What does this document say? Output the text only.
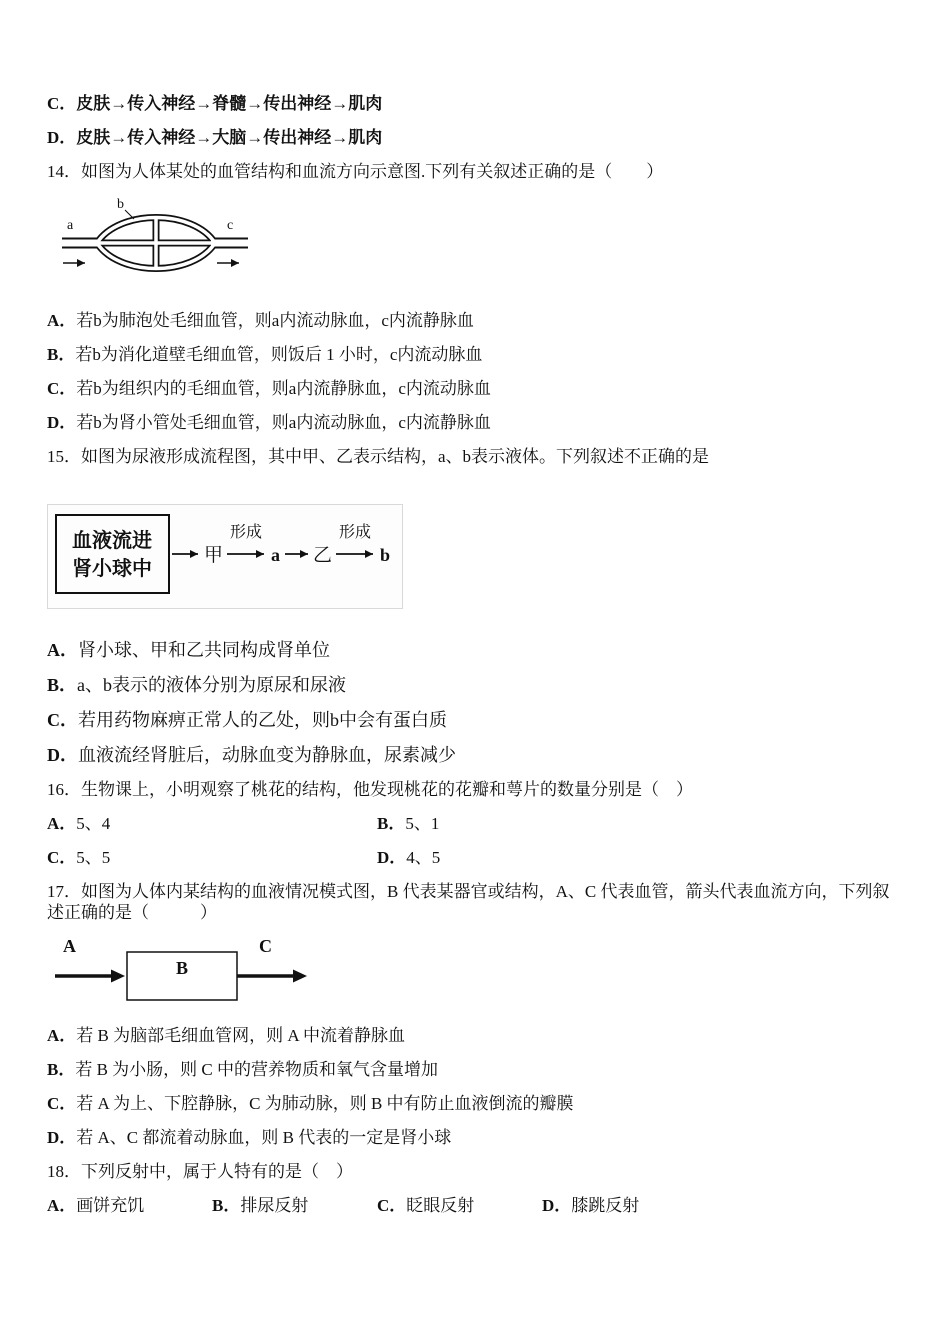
C．皮肤→传入神经→脊髓→传出神经→肌肉
D．皮肤→传入神经→大脑→传出神经→肌肉
14．如图为人体某处的血管结构和血流方向示意图.下列有关叙述正确的是（　　）
a
b
c
A．若b为肺泡处毛细血管，则a内流动脉血，c内流静脉血
B．若b为消化道壁毛细血管，则饭后 1 小时，c内流动脉血
C．若b为组织内的毛细血管，则a内流静脉血，c内流动脉血
D．若b为肾小管处毛细血管，则a内流动脉血，c内流静脉血
15．如图为尿液形成流程图，其中甲、乙表示结构，a、b表示液体。下列叙述不正确的是
血液流进
肾小球中
甲
形成
a 乙
形成
b
A．肾小球、甲和乙共同构成肾单位
B．a、b表示的液体分别为原尿和尿液
C．若用药物麻痹正常人的乙处，则b中会有蛋白质
D．血液流经肾脏后，动脉血变为静脉血，尿素减少
16．生物课上，小明观察了桃花的结构，他发现桃花的花瓣和萼片的数量分别是（　）
A．5、4	B．5、1
C．5、5	D．4、5
17．如图为人体内某结构的血液情况模式图，B 代表某器官或结构，A、C 代表血管，箭头代表血流方向，下列叙述正确的是（　　　）
A
B
C
A．若 B 为脑部毛细血管网，则 A 中流着静脉血
B．若 B 为小肠，则 C 中的营养物质和氧气含量增加
C．若 A 为上、下腔静脉，C 为肺动脉，则 B 中有防止血液倒流的瓣膜
D．若 A、C 都流着动脉血，则 B 代表的一定是肾小球
18．下列反射中，属于人特有的是（　）
A．画饼充饥	B．排尿反射	C．眨眼反射	D．膝跳反射
